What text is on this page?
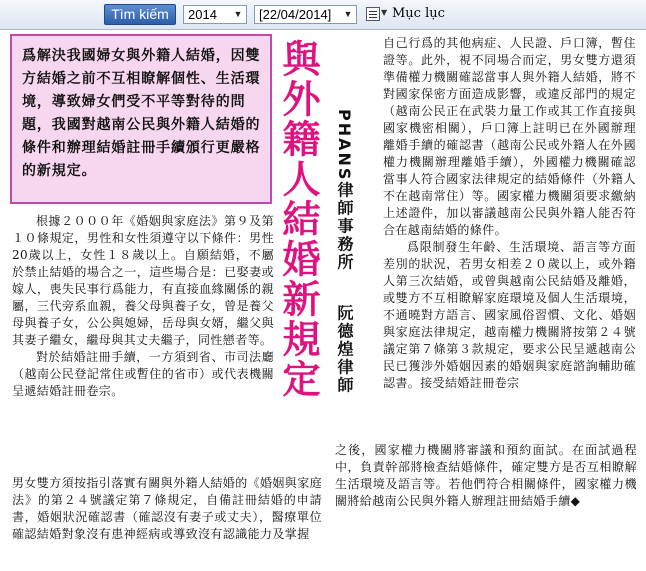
Tìm kiếm	2014	▼	[22/04/2014]	▼	▼ Mục lục

爲解決我國婦女與外籍人結婚，因雙方結婚之前不互相瞭解個性、生活環境，導致婦女們受不平等對待的問題，我國對越南公民與外籍人結婚的條件和辦理結婚註冊手續頒行更嚴格的新規定。	與外籍人結婚新規定 PHANS律師事務所 　 阮德煌律師

根據２０００年《婚姻與家庭法》第９及第１０條規定，男性和女性須遵守以下條件：男性20歲以上，女性１８歲以上。自願結婚，不屬於禁止結婚的場合之一，這些場合是：已娶妻或嫁人，喪失民事行爲能力，有直接血緣關係的親屬，三代旁系血親，養父母與養子女，曾是養父母與養子女，公公與媳婦，岳母與女婿，繼父與其妻子繼女，繼母與其丈夫繼子，同性戀者等。

對於結婚註冊手續，一方須到省、市司法廳（越南公民登記常住或暫住的省市）或代表機關呈遞結婚註冊卷宗。

男女雙方須按指引落實有關與外籍人結婚的《婚姻與家庭法》的第２４號議定第７條規定，自備註冊結婚的申請書，婚姻狀況確認書（確認沒有妻子或丈夫），醫療單位確認結婚對象沒有患神經病或導致沒有認識能力及掌握

自己行爲的其他病症、人民證、戶口簿，暫住證等。此外，視不同場合而定，男女雙方還須準備權力機關確認當事人與外籍人結婚，將不對國家保密方面造成影響，或違反部門的規定（越南公民正在武裝力量工作或其工作直接與國家機密相關），戶口簿上註明已在外國辦理離婚手續的確認書（越南公民或外籍人在外國權力機關辦理離婚手續），外國權力機關確認當事人符合國家法律規定的結婚條件（外籍人不在越南常住）等。國家權力機關須要求繳納上述證件，加以審議越南公民與外籍人能否符合在越南結婚的條件。

爲限制發生年齡、生活環境、語言等方面差別的狀況，若男女相差２０歲以上，或外籍人第三次結婚，或曾與越南公民結婚及離婚，或雙方不互相瞭解家庭環境及個人生活環境，不通曉對方語言、國家風俗習慣、文化、婚姻與家庭法律規定，越南權力機關將按第２４號議定第７條第３款規定，要求公民呈遞越南公民已獲涉外婚姻因素的婚姻與家庭諮詢輔助確認書。接受結婚註冊卷宗

之後，國家權力機關將審議和預約面試。在面試過程中，負責幹部將檢查結婚條件，確定雙方是否互相瞭解生活環境及語言等。若他們符合相關條件，國家權力機關將給越南公民與外籍人辦理註冊結婚手續◆
